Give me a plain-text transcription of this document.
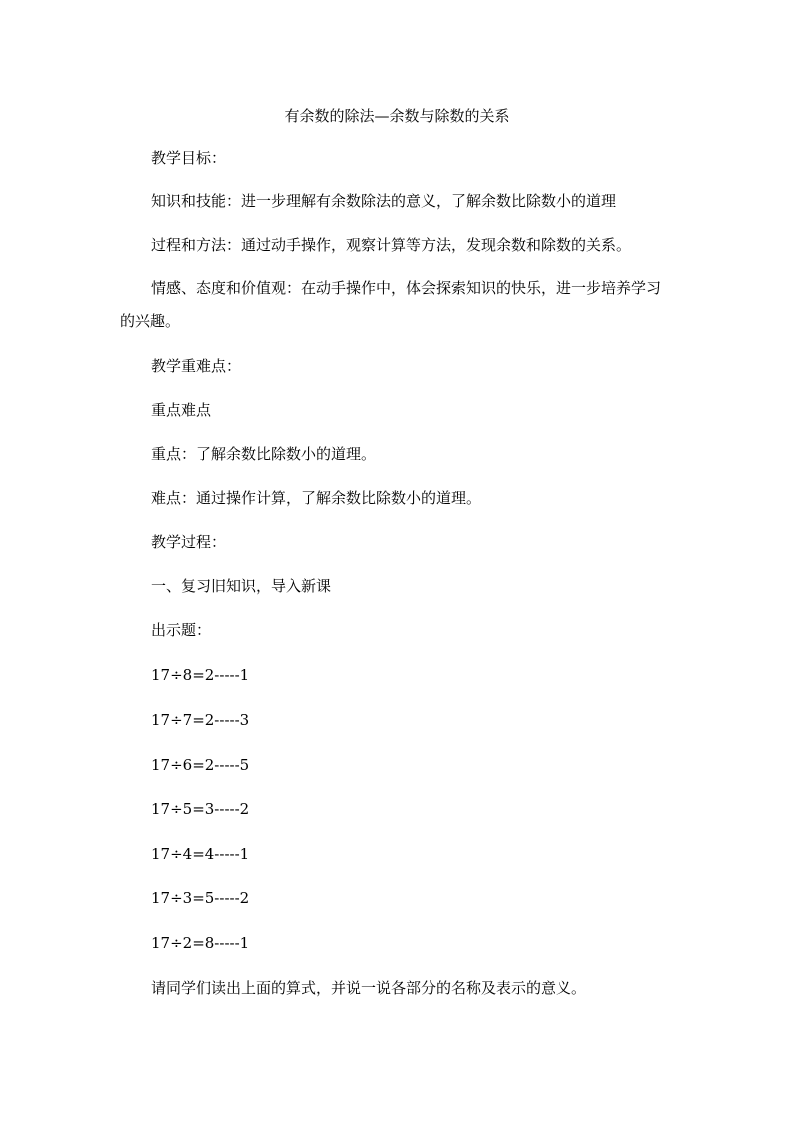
有余数的除法—余数与除数的关系
教学目标：
知识和技能：进一步理解有余数除法的意义，了解余数比除数小的道理
过程和方法：通过动手操作，观察计算等方法，发现余数和除数的关系。
情感、态度和价值观：在动手操作中，体会探索知识的快乐，进一步培养学习的兴趣。
教学重难点：
重点难点
重点：了解余数比除数小的道理。
难点：通过操作计算，了解余数比除数小的道理。
教学过程：
一、复习旧知识，导入新课
出示题：
17÷8=2-----1
17÷7=2-----3
17÷6=2-----5
17÷5=3-----2
17÷4=4-----1
17÷3=5-----2
17÷2=8-----1
请同学们读出上面的算式，并说一说各部分的名称及表示的意义。
